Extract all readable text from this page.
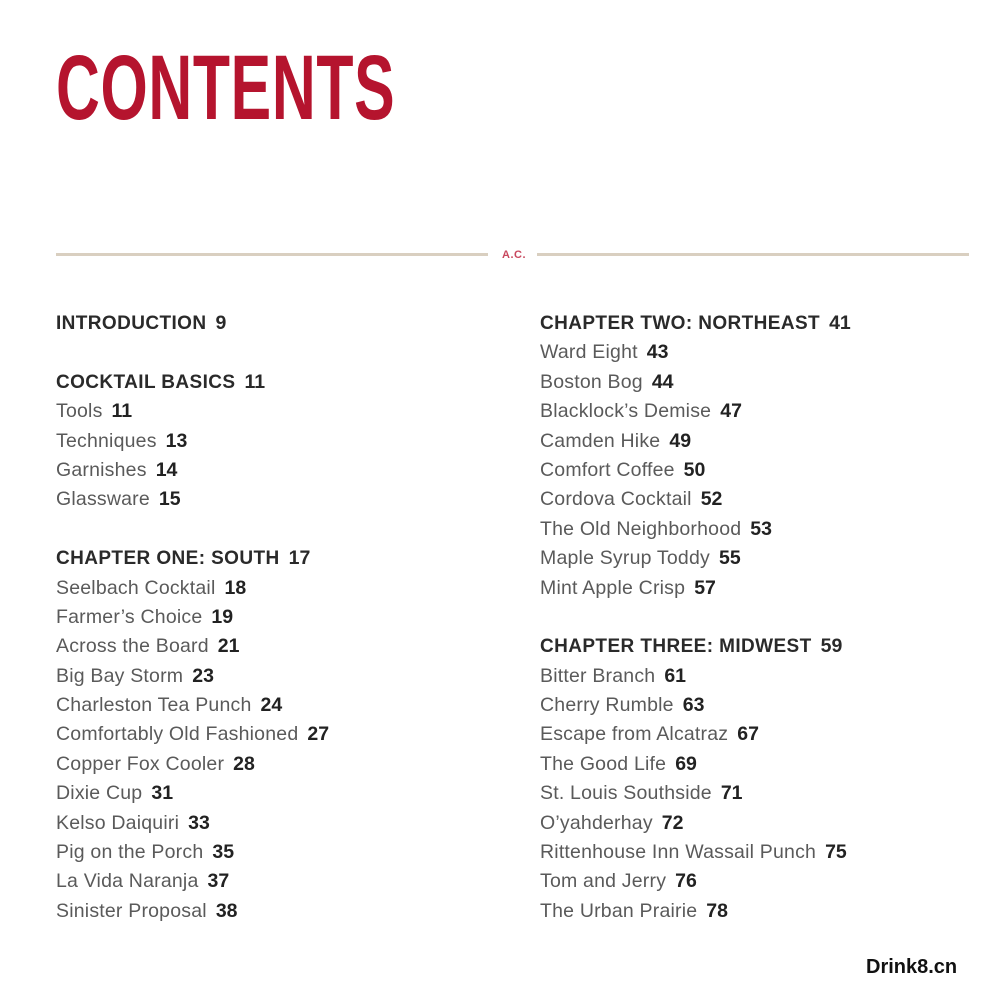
CONTENTS
A.C.
INTRODUCTION 9
COCKTAIL BASICS 11
Tools 11
Techniques 13
Garnishes 14
Glassware 15
CHAPTER ONE: SOUTH 17
Seelbach Cocktail 18
Farmer’s Choice 19
Across the Board 21
Big Bay Storm 23
Charleston Tea Punch 24
Comfortably Old Fashioned 27
Copper Fox Cooler 28
Dixie Cup 31
Kelso Daiquiri 33
Pig on the Porch 35
La Vida Naranja 37
Sinister Proposal 38
CHAPTER TWO: NORTHEAST 41
Ward Eight 43
Boston Bog 44
Blacklock’s Demise 47
Camden Hike 49
Comfort Coffee 50
Cordova Cocktail 52
The Old Neighborhood 53
Maple Syrup Toddy 55
Mint Apple Crisp 57
CHAPTER THREE: MIDWEST 59
Bitter Branch 61
Cherry Rumble 63
Escape from Alcatraz 67
The Good Life 69
St. Louis Southside 71
O’yahderhay 72
Rittenhouse Inn Wassail Punch 75
Tom and Jerry 76
The Urban Prairie 78
Drink8.cn
